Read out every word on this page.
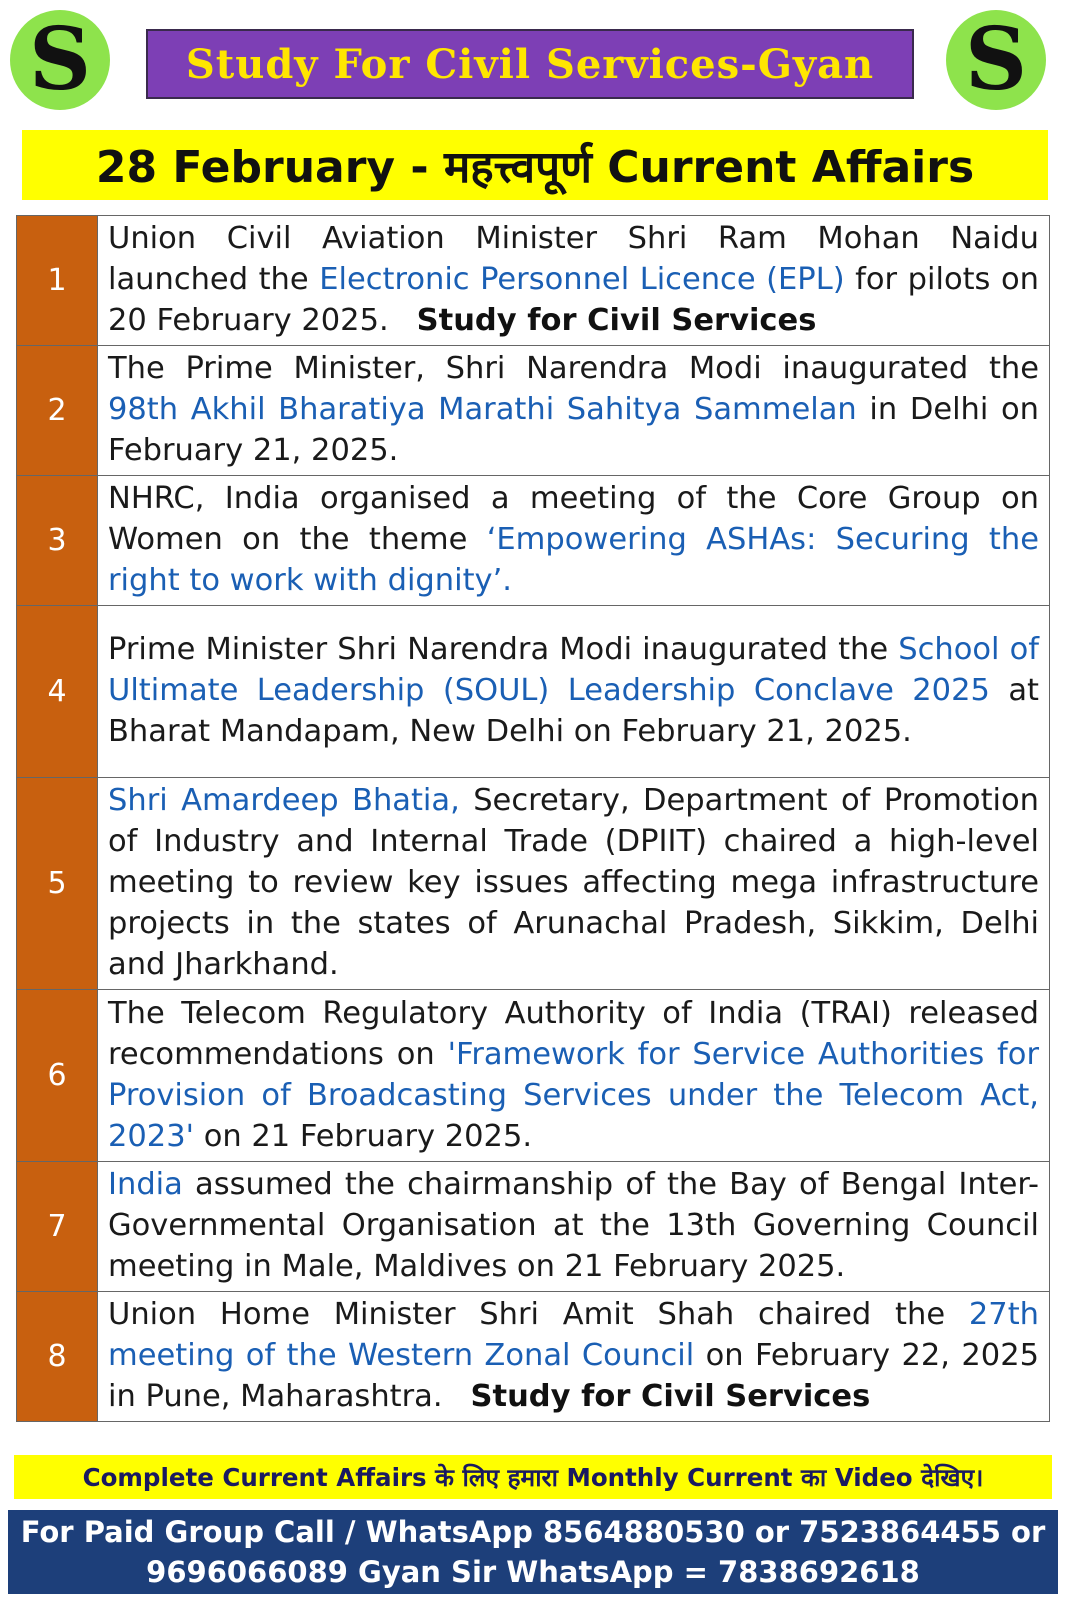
S	Study For Civil Services-Gyan	S
28 February - महत्त्वपूर्ण Current Affairs
1	Union Civil Aviation Minister Shri Ram Mohan Naidu launched the Electronic Personnel Licence (EPL) for pilots on 20 February 2025. Study for Civil Services
2	The Prime Minister, Shri Narendra Modi inaugurated the 98th Akhil Bharatiya Marathi Sahitya Sammelan in Delhi on February 21, 2025.
3	NHRC, India organised a meeting of the Core Group on Women on the theme ‘Empowering ASHAs: Securing the right to work with dignity’.
4	Prime Minister Shri Narendra Modi inaugurated the School of Ultimate Leadership (SOUL) Leadership Conclave 2025 at Bharat Mandapam, New Delhi on February 21, 2025.
5	Shri Amardeep Bhatia, Secretary, Department of Promotion of Industry and Internal Trade (DPIIT) chaired a high-level meeting to review key issues affecting mega infrastructure projects in the states of Arunachal Pradesh, Sikkim, Delhi and Jharkhand.
6	The Telecom Regulatory Authority of India (TRAI) released recommendations on 'Framework for Service Authorities for Provision of Broadcasting Services under the Telecom Act, 2023' on 21 February 2025.
7	India assumed the chairmanship of the Bay of Bengal Inter-Governmental Organisation at the 13th Governing Council meeting in Male, Maldives on 21 February 2025.
8	Union Home Minister Shri Amit Shah chaired the 27th meeting of the Western Zonal Council on February 22, 2025 in Pune, Maharashtra. Study for Civil Services
Complete Current Affairs के लिए हमारा Monthly Current का Video देखिए।
For Paid Group Call / WhatsApp 8564880530 or 7523864455 or
9696066089 Gyan Sir WhatsApp = 7838692618
